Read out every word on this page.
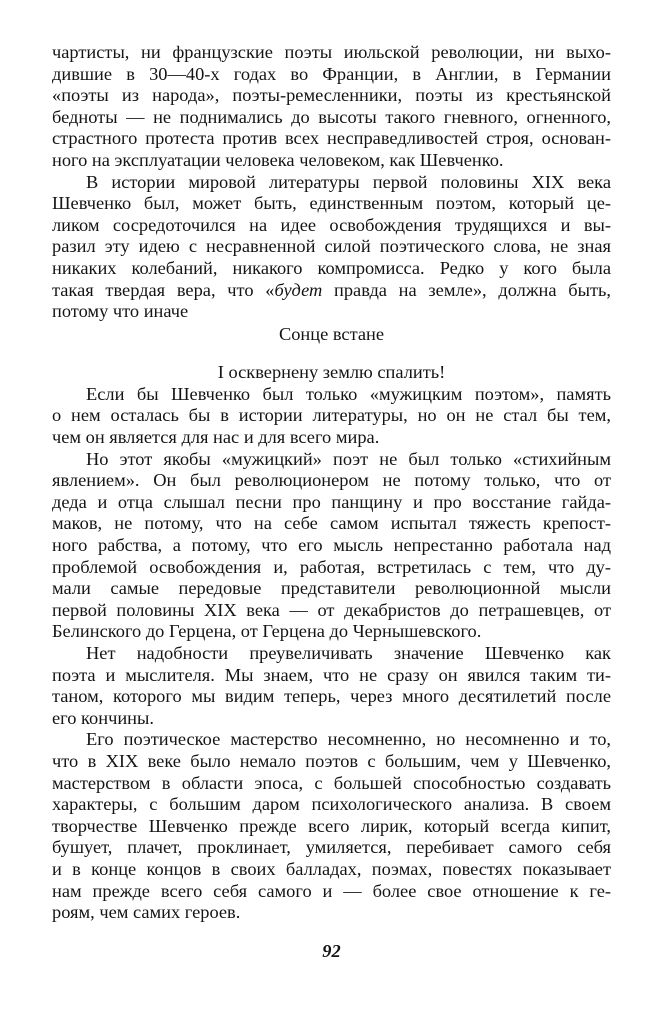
чартисты, ни французские поэты июльской революции, ни выхо-
дившие в 30—40-х годах во Франции, в Англии, в Германии
«поэты из народа», поэты-ремесленники, поэты из крестьянской
бедноты — не поднимались до высоты такого гневного, огненного,
страстного протеста против всех несправедливостей строя, основан-
ного на эксплуатации человека человеком, как Шевченко.
В истории мировой литературы первой половины XIX века
Шевченко был, может быть, единственным поэтом, который це-
ликом сосредоточился на идее освобождения трудящихся и вы-
разил эту идею с несравненной силой поэтического слова, не зная
никаких колебаний, никакого компромисса. Редко у кого была
такая твердая вера, что «будет правда на земле», должна быть,
потому что иначе
Сонце встане
І осквернену землю спалить!
Если бы Шевченко был только «мужицким поэтом», память
о нем осталась бы в истории литературы, но он не стал бы тем,
чем он является для нас и для всего мира.
Но этот якобы «мужицкий» поэт не был только «стихийным
явлением». Он был революционером не потому только, что от
деда и отца слышал песни про панщину и про восстание гайда-
маков, не потому, что на себе самом испытал тяжесть крепост-
ного рабства, а потому, что его мысль непрестанно работала над
проблемой освобождения и, работая, встретилась с тем, что ду-
мали самые передовые представители революционной мысли
первой половины XIX века — от декабристов до петрашевцев, от
Белинского до Герцена, от Герцена до Чернышевского.
Нет надобности преувеличивать значение Шевченко как
поэта и мыслителя. Мы знаем, что не сразу он явился таким ти-
таном, которого мы видим теперь, через много десятилетий после
его кончины.
Его поэтическое мастерство несомненно, но несомненно и то,
что в XIX веке было немало поэтов с большим, чем у Шевченко,
мастерством в области эпоса, с большей способностью создавать
характеры, с большим даром психологического анализа. В своем
творчестве Шевченко прежде всего лирик, который всегда кипит,
бушует, плачет, проклинает, умиляется, перебивает самого себя
и в конце концов в своих балладах, поэмах, повестях показывает
нам прежде всего себя самого и — более свое отношение к ге-
роям, чем самих героев.
92
